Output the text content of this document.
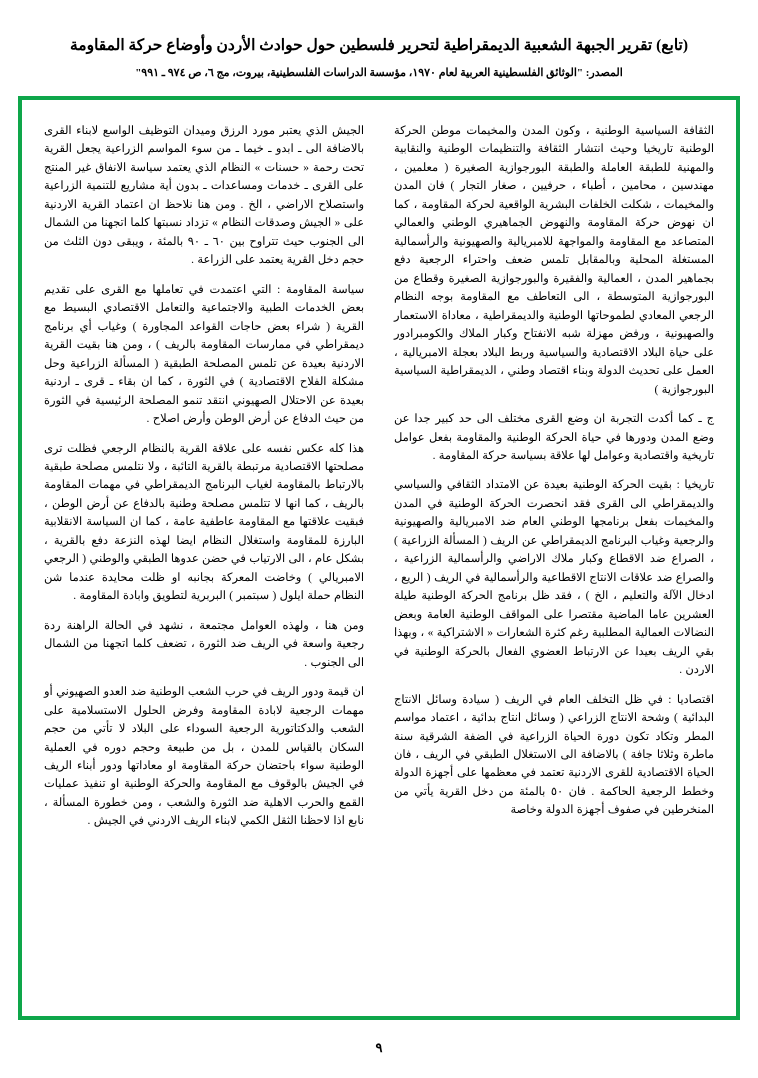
(تابع) تقرير الجبهة الشعبية الديمقراطية لتحرير فلسطين حول حوادث الأردن وأوضاع حركة المقاومة
المصدر: "الوثائق الفلسطينية العربية لعام ١٩٧٠، مؤسسة الدراسات الفلسطينية، بيروت، مج ٦، ص ٩٧٤ ـ ٩٩١"

الثقافة السياسية الوطنية ، وكون المدن والمخيمات موطن الحركة الوطنية تاريخيا وحيث انتشار الثقافة والتنظيمات الوطنية والنقابية والمهنية للطبقة العاملة والطبقة البورجوازية الصغيرة ( معلمين ، مهندسين ، محامين ، أطباء ، حرفيين ، صغار التجار ) فان المدن والمخيمات ، شكلت الخلفات البشرية الواقعية لحركة المقاومة ، كما ان نهوض حركة المقاومة والنهوض الجماهيري الوطني والعمالي المتصاعد مع المقاومة والمواجهة للامبريالية والصهيونية والرأسمالية المستغلة المحلية وبالمقابل تلمس ضعف واحتراء الرجعية دفع بجماهير المدن ، العمالية والفقيرة والبورجوازية الصغيرة وقطاع من البورجوازية المتوسطة ، الى التعاطف مع المقاومة بوجه النظام الرجعي المعادي لطموحاتها الوطنية والديمقراطية ، معاداة الاستعمار والصهيونية ، ورفض مهزلة شبه الانفتاح وكبار الملاك والكومبرادور على حياة البلاد الاقتصادية والسياسية وربط البلاد بعجلة الامبريالية ، العمل على تحديث الدولة وبناء اقتصاد وطني ، الديمقراطية السياسية البورجوازية )

ج ـ كما أكدت التجربة ان وضع القرى مختلف الى حد كبير جدا عن وضع المدن ودورها في حياة الحركة الوطنية والمقاومة بفعل عوامل تاريخية واقتصادية وعوامل لها علاقة بسياسة حركة المقاومة .

تاريخيا : بقيت الحركة الوطنية بعيدة عن الامتداد الثقافي والسياسي والديمقراطي الى القرى فقد انحصرت الحركة الوطنية في المدن والمخيمات بفعل برنامجها الوطني العام ضد الامبريالية والصهيونية والرجعية وغياب البرنامج الديمقراطي عن الريف ( المسألة الزراعية ) ، الصراع ضد الاقطاع وكبار ملاك الاراضي والرأسمالية الزراعية ، والصراع ضد علاقات الانتاج الاقطاعية والرأسمالية في الريف ( الريع ، ادخال الآلة والتعليم ، الخ ) ، فقد ظل برنامج الحركة الوطنية طيلة العشرين عاما الماضية مقتصرا على المواقف الوطنية العامة وبعض النضالات العمالية المطلبية رغم كثرة الشعارات « الاشتراكية » ، وبهذا بقي الريف بعيدا عن الارتباط العضوي الفعال بالحركة الوطنية في الاردن .

اقتصاديا : في ظل التخلف العام في الريف ( سيادة وسائل الانتاج البدائية ) وشحة الانتاج الزراعي ( وسائل انتاج بدائية ، اعتماد مواسم المطر وتكاد تكون دورة الحياة الزراعية في الضفة الشرقية سنة ماطرة وثلاثا جافة ) بالاضافة الى الاستغلال الطبقي في الريف ، فان الحياة الاقتصادية للقرى الاردنية تعتمد في معظمها على أجهزة الدولة وخطط الرجعية الحاكمة . فان ٥٠ بالمئة من دخل القرية يأتي من المنخرطين في صفوف أجهزة الدولة وخاصة

الجيش الذي يعتبر مورد الرزق وميدان التوظيف الواسع لابناء القرى بالاضافة الى ـ ابدو ـ خيما ـ من سوء المواسم الزراعية يجعل القرية تحت رحمة « حسنات » النظام الذي يعتمد سياسة الانفاق غير المنتج على القرى ـ خدمات ومساعدات ـ بدون أية مشاريع للتنمية الزراعية واستصلاح الاراضي ، الخ . ومن هنا نلاحظ ان اعتماد القرية الاردنية على « الجيش وصدقات النظام » تزداد نسبتها كلما اتجهنا من الشمال الى الجنوب حيث تتراوح بين ٦٠ ـ ٩٠ بالمئة ، ويبقى دون الثلث من حجم دخل القرية يعتمد على الزراعة .

سياسة المقاومة : التي اعتمدت في تعاملها مع القرى على تقديم بعض الخدمات الطبية والاجتماعية والتعامل الاقتصادي البسيط مع القرية ( شراء بعض حاجات القواعد المجاورة ) وغياب أي برنامج ديمقراطي في ممارسات المقاومة بالريف ) ، ومن هنا بقيت القرية الاردنية بعيدة عن تلمس المصلحة الطبقية ( المسألة الزراعية وحل مشكلة الفلاح الاقتصادية ) في الثورة ، كما ان بقاء ـ قرى ـ اردنية بعيدة عن الاحتلال الصهيوني انتقد تنمو المصلحة الرئيسية في الثورة من حيث الدفاع عن أرض الوطن وأرض اصلاح .

هذا كله عكس نفسه على علاقة القرية بالنظام الرجعي فظلت ترى مصلحتها الاقتصادية مرتبطة بالقرية التائبة ، ولا نتلمس مصلحة طبقية بالارتباط بالمقاومة لغياب البرنامج الديمقراطي في مهمات المقاومة بالريف ، كما انها لا تتلمس مصلحة وطنية بالدفاع عن أرض الوطن ، فبقيت علاقتها مع المقاومة عاطفية عامة ، كما ان السياسة الانقلابية البارزة للمقاومة واستغلال النظام ايضا لهذه النزعة دفع بالقرية ، بشكل عام ، الى الارتياب في حضن عدوها الطبقي والوطني ( الرجعي الامبريالي ) وخاضت المعركة بجانبه او ظلت محايدة عندما شن النظام حملة ايلول ( سبتمبر ) البربرية لتطويق وابادة المقاومة .

ومن هنا ، ولهذه العوامل مجتمعة ، نشهد في الحالة الراهنة ردة رجعية واسعة في الريف ضد الثورة ، تضعف كلما اتجهنا من الشمال الى الجنوب .

ان قيمة ودور الريف في حرب الشعب الوطنية ضد العدو الصهيوني أو مهمات الرجعية لابادة المقاومة وفرض الحلول الاستسلامية على الشعب والدكتاتورية الرجعية السوداء على البلاد لا تأتي من حجم السكان بالقياس للمدن ، بل من طبيعة وحجم دوره في العملية الوطنية سواء باحتضان حركة المقاومة او معاداتها ودور أبناء الريف في الجيش بالوقوف مع المقاومة والحركة الوطنية او تنفيذ عمليات القمع والحرب الاهلية ضد الثورة والشعب ، ومن خطورة المسألة ، نابع اذا لاحظنا الثقل الكمي لابناء الريف الاردني في الجيش .

٩
